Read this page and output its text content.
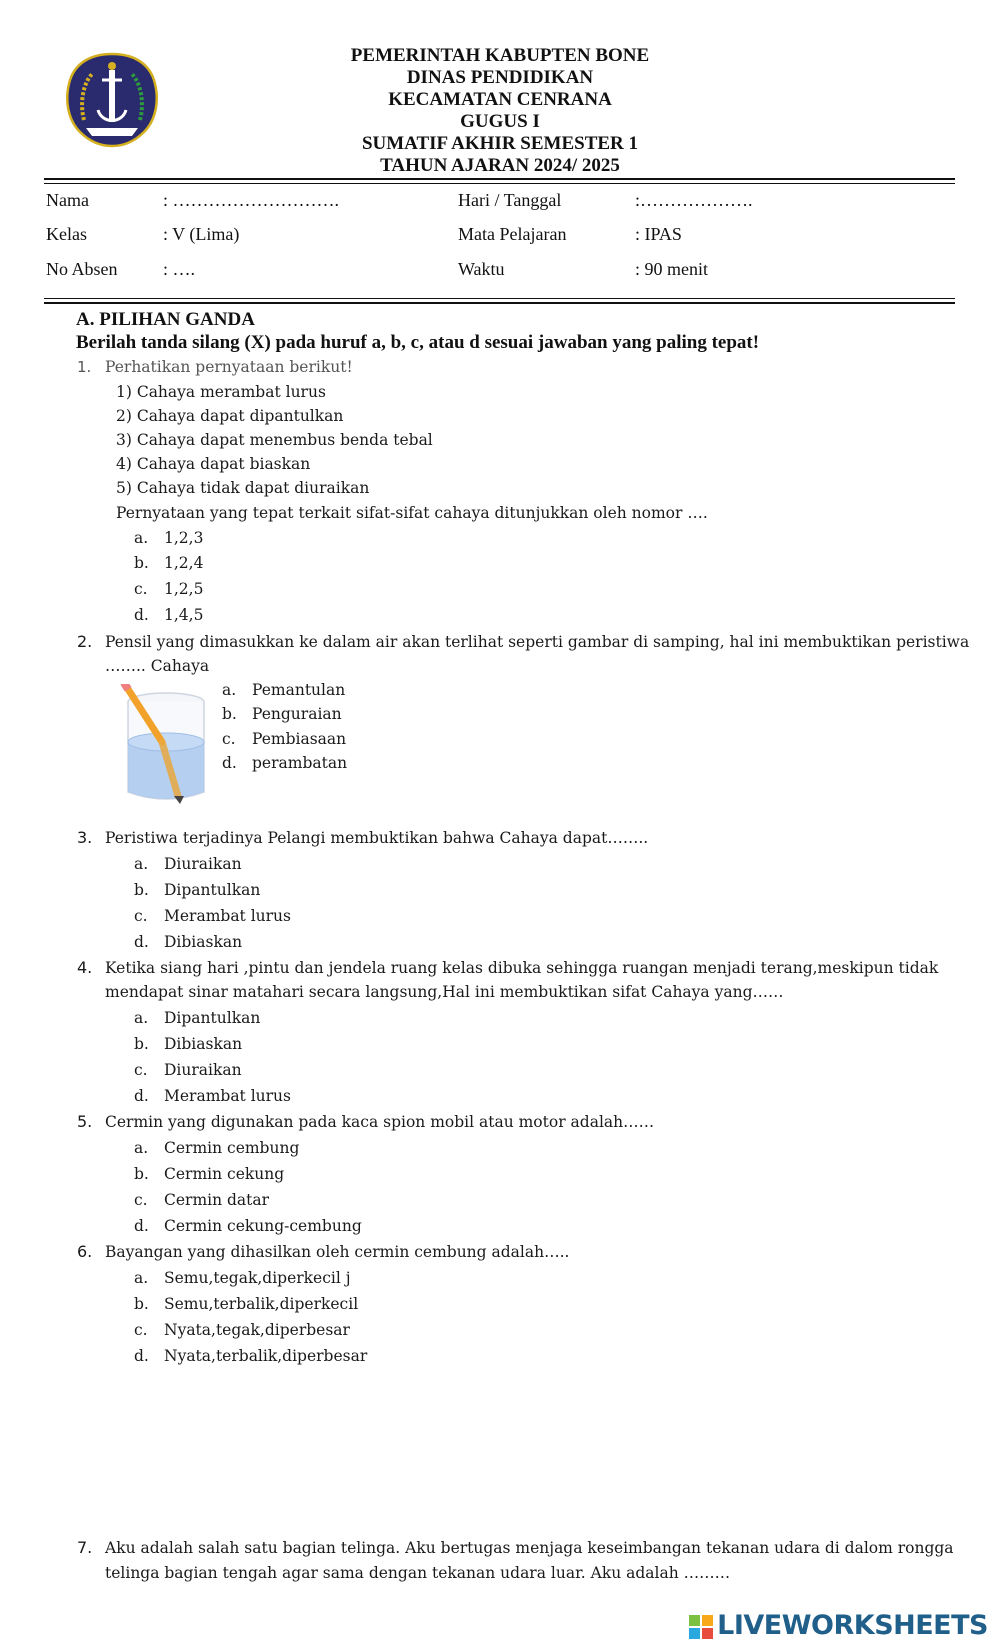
PEMERINTAH KABUPTEN BONE
DINAS PENDIDIKAN
KECAMATAN CENRANA
GUGUS I
SUMATIF AKHIR SEMESTER 1
TAHUN AJARAN 2024/ 2025
Nama	: ……………………….	Hari / Tanggal	:……………….
Kelas	: V (Lima)	Mata Pelajaran	: IPAS
No Absen	: ….	Waktu	: 90 menit
A. PILIHAN GANDA
Berilah tanda silang (X) pada huruf a, b, c, atau d sesuai jawaban yang paling tepat!
1. Perhatikan pernyataan berikut!
1) Cahaya merambat lurus
2) Cahaya dapat dipantulkan
3) Cahaya dapat menembus benda tebal
4) Cahaya dapat biaskan
5) Cahaya tidak dapat diuraikan
Pernyataan yang tepat terkait sifat-sifat cahaya ditunjukkan oleh nomor ….
a. 1,2,3
b. 1,2,4
c. 1,2,5
d. 1,4,5
2. Pensil yang dimasukkan ke dalam air akan terlihat seperti gambar di samping, hal ini membuktikan peristiwa
…….. Cahaya
a. Pemantulan
b. Penguraian
c. Pembiasaan
d. perambatan
3. Peristiwa terjadinya Pelangi membuktikan bahwa Cahaya dapat……..
a. Diuraikan
b. Dipantulkan
c. Merambat lurus
d. Dibiaskan
4. Ketika siang hari ,pintu dan jendela ruang kelas dibuka sehingga ruangan menjadi terang,meskipun tidak
mendapat sinar matahari secara langsung,Hal ini membuktikan sifat Cahaya yang……
a. Dipantulkan
b. Dibiaskan
c. Diuraikan
d. Merambat lurus
5. Cermin yang digunakan pada kaca spion mobil atau motor adalah……
a. Cermin cembung
b. Cermin cekung
c. Cermin datar
d. Cermin cekung-cembung
6. Bayangan yang dihasilkan oleh cermin cembung adalah…..
a. Semu,tegak,diperkecil j
b. Semu,terbalik,diperkecil
c. Nyata,tegak,diperbesar
d. Nyata,terbalik,diperbesar
7. Aku adalah salah satu bagian telinga. Aku bertugas menjaga keseimbangan tekanan udara di dalom rongga
telinga bagian tengah agar sama dengan tekanan udara luar. Aku adalah ………
LIVEWORKSHEETS
